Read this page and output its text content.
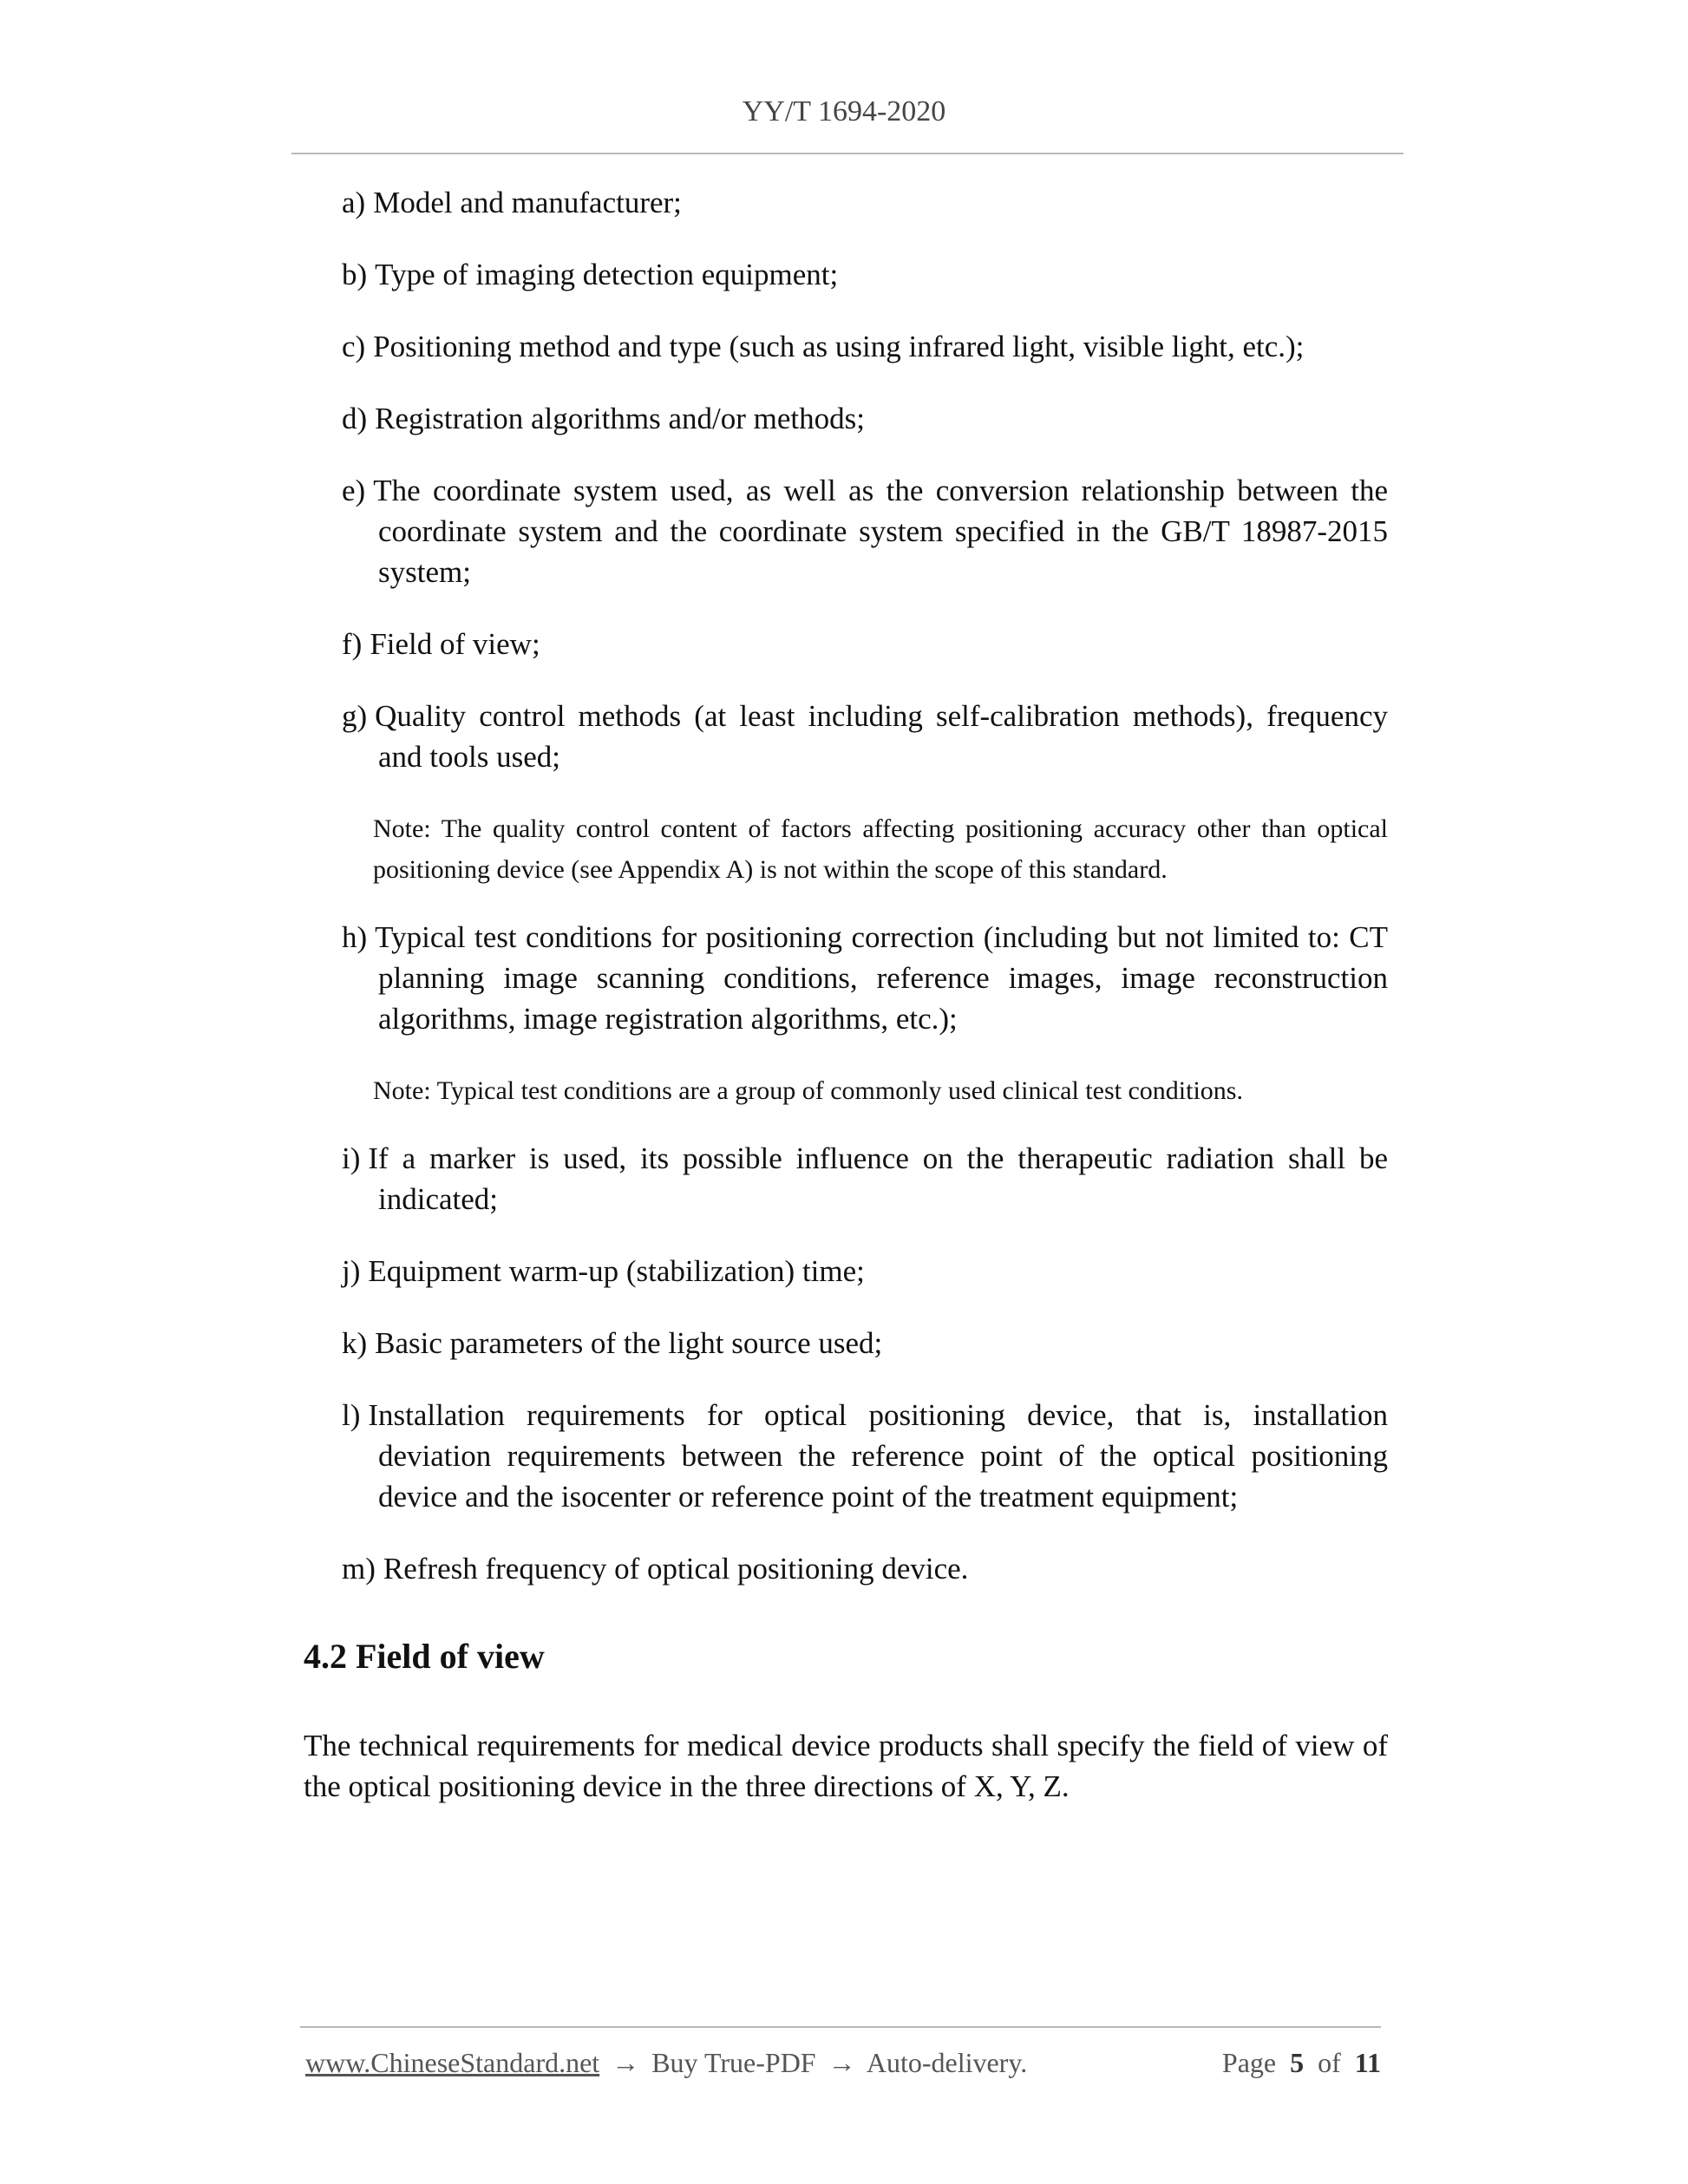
YY/T 1694-2020
a) Model and manufacturer;
b) Type of imaging detection equipment;
c) Positioning method and type (such as using infrared light, visible light, etc.);
d) Registration algorithms and/or methods;
e) The coordinate system used, as well as the conversion relationship between the coordinate system and the coordinate system specified in the GB/T 18987-2015 system;
f) Field of view;
g) Quality control methods (at least including self-calibration methods), frequency and tools used;
Note: The quality control content of factors affecting positioning accuracy other than optical positioning device (see Appendix A) is not within the scope of this standard.
h) Typical test conditions for positioning correction (including but not limited to: CT planning image scanning conditions, reference images, image reconstruction algorithms, image registration algorithms, etc.);
Note: Typical test conditions are a group of commonly used clinical test conditions.
i) If a marker is used, its possible influence on the therapeutic radiation shall be indicated;
j) Equipment warm-up (stabilization) time;
k) Basic parameters of the light source used;
l) Installation requirements for optical positioning device, that is, installation deviation requirements between the reference point of the optical positioning device and the isocenter or reference point of the treatment equipment;
m) Refresh frequency of optical positioning device.
4.2 Field of view
The technical requirements for medical device products shall specify the field of view of the optical positioning device in the three directions of X, Y, Z.
www.ChineseStandard.net → Buy True-PDF → Auto-delivery.	Page 5 of 11
